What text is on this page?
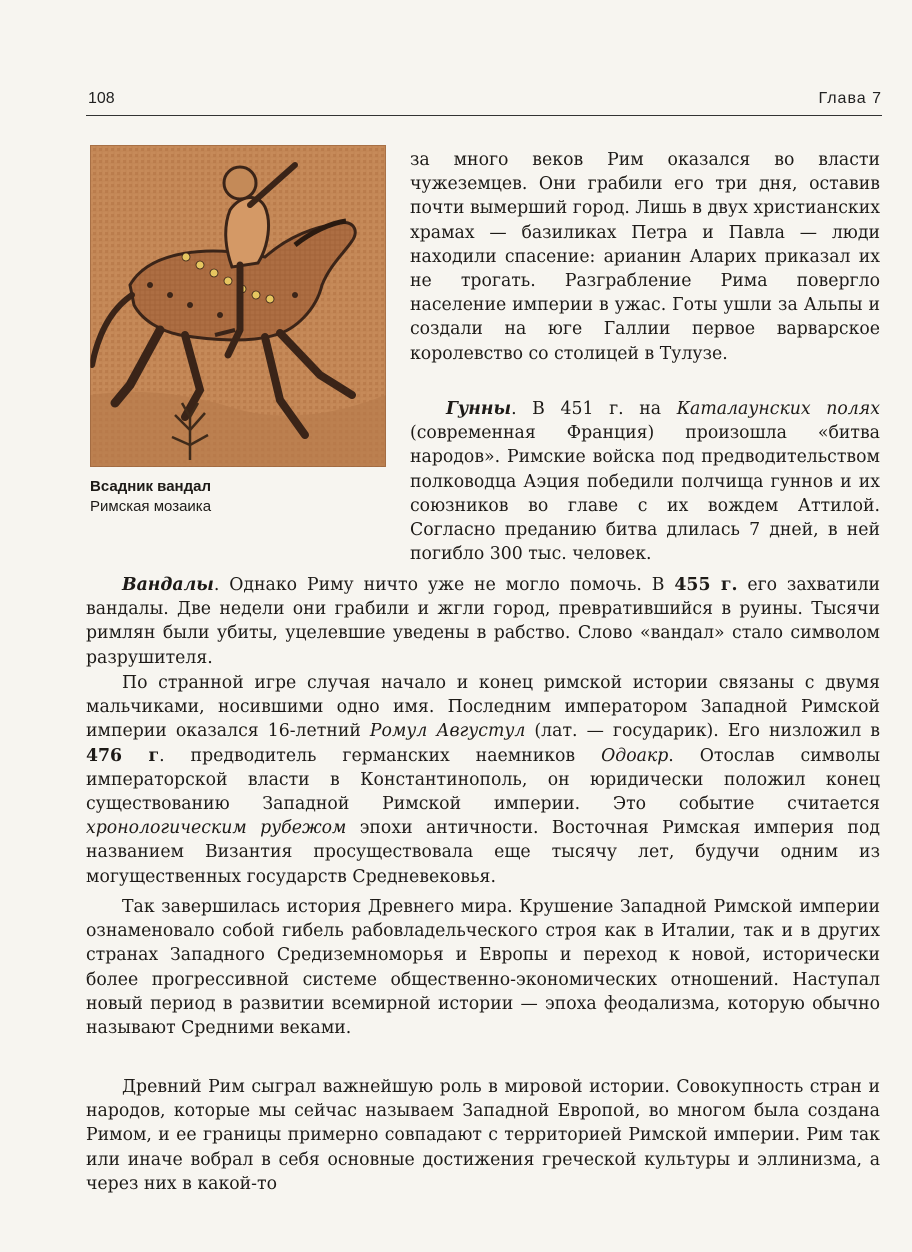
108	Глава 7
Всадник вандал
Римская мозаика

за много веков Рим оказался во власти чужеземцев. Они грабили его три дня, оставив почти вымерший город. Лишь в двух христианских храмах — базиликах Петра и Павла — люди находили спасение: арианин Аларих приказал их не трогать. Разграбление Рима повергло население империи в ужас. Готы ушли за Альпы и создали на юге Галлии первое варварское королевство со столицей в Тулузе.

Гунны. В 451 г. на Каталаунских полях (современная Франция) произошла «битва народов». Римские войска под предводительством полководца Аэция победили полчища гуннов и их союзников во главе с их вождем Аттилой. Согласно преданию битва длилась 7 дней, в ней погибло 300 тыс. человек.

Вандалы. Однако Риму ничто уже не могло помочь. В 455 г. его захватили вандалы. Две недели они грабили и жгли город, превратившийся в руины. Тысячи римлян были убиты, уцелевшие уведены в рабство. Слово «вандал» стало символом разрушителя.

По странной игре случая начало и конец римской истории связаны с двумя мальчиками, носившими одно имя. Последним императором Западной Римской империи оказался 16-летний Ромул Августул (лат. — государик). Его низложил в 476 г. предводитель германских наемников Одоакр. Отослав символы императорской власти в Константинополь, он юридически положил конец существованию Западной Римской империи. Это событие считается хронологическим рубежом эпохи античности. Восточная Римская империя под названием Византия просуществовала еще тысячу лет, будучи одним из могущественных государств Средневековья.

Так завершилась история Древнего мира. Крушение Западной Римской империи ознаменовало собой гибель рабовладельческого строя как в Италии, так и в других странах Западного Средиземноморья и Европы и переход к новой, исторически более прогрессивной системе общественно-экономических отношений. Наступал новый период в развитии всемирной истории — эпоха феодализма, которую обычно называют Средними веками.

Древний Рим сыграл важнейшую роль в мировой истории. Совокупность стран и народов, которые мы сейчас называем Западной Европой, во многом была создана Римом, и ее границы примерно совпадают с территорией Римской империи. Рим так или иначе вобрал в себя основные достижения греческой культуры и эллинизма, а через них в какой-то
